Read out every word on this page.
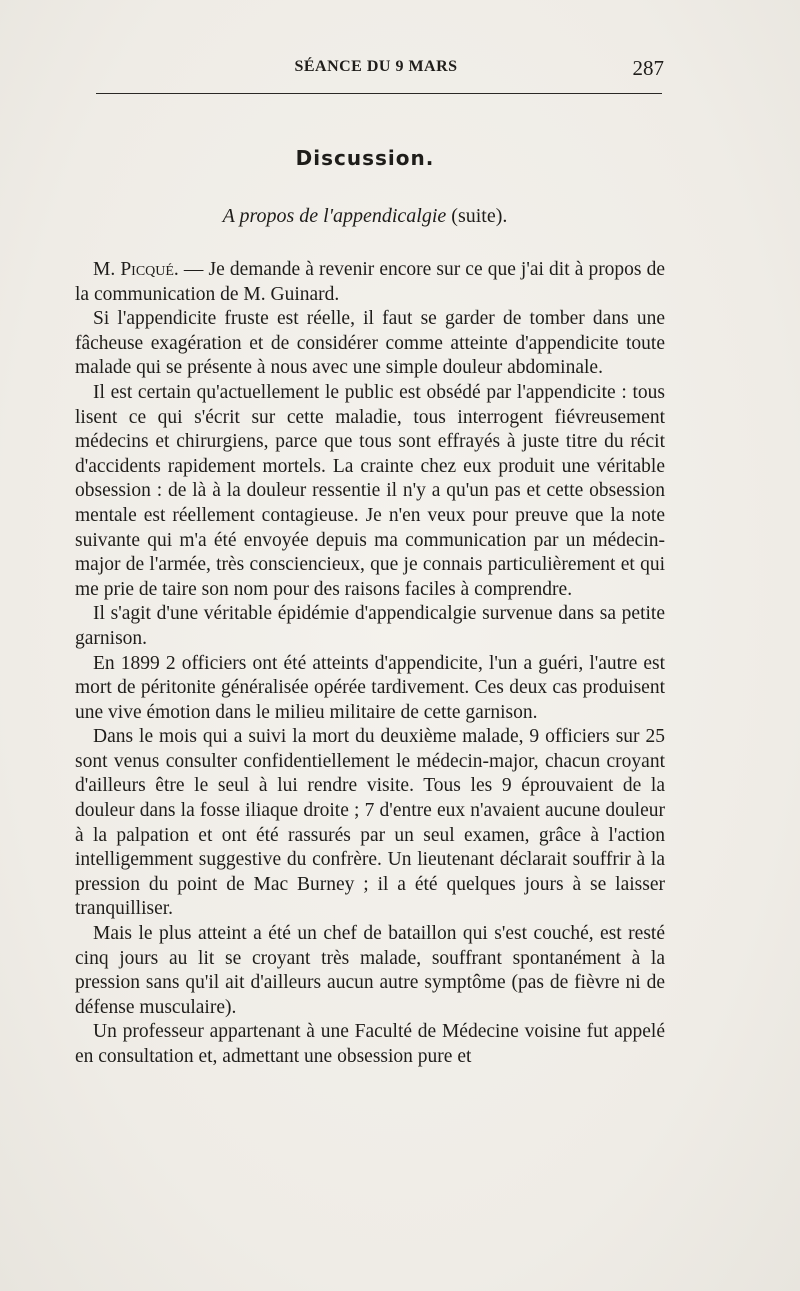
SÉANCE DU 9 MARS	287
Discussion.
A propos de l'appendicalgie (suite).

M. Picqué. — Je demande à revenir encore sur ce que j'ai dit à propos de la communication de M. Guinard.

Si l'appendicite fruste est réelle, il faut se garder de tomber dans une fâcheuse exagération et de considérer comme atteinte d'appendicite toute malade qui se présente à nous avec une simple douleur abdominale.

Il est certain qu'actuellement le public est obsédé par l'appendicite : tous lisent ce qui s'écrit sur cette maladie, tous interrogent fiévreusement médecins et chirurgiens, parce que tous sont effrayés à juste titre du récit d'accidents rapidement mortels. La crainte chez eux produit une véritable obsession : de là à la douleur ressentie il n'y a qu'un pas et cette obsession mentale est réellement contagieuse. Je n'en veux pour preuve que la note suivante qui m'a été envoyée depuis ma communication par un médecin-major de l'armée, très consciencieux, que je connais particulièrement et qui me prie de taire son nom pour des raisons faciles à comprendre.

Il s'agit d'une véritable épidémie d'appendicalgie survenue dans sa petite garnison.

En 1899 2 officiers ont été atteints d'appendicite, l'un a guéri, l'autre est mort de péritonite généralisée opérée tardivement. Ces deux cas produisent une vive émotion dans le milieu militaire de cette garnison.

Dans le mois qui a suivi la mort du deuxième malade, 9 officiers sur 25 sont venus consulter confidentiellement le médecin-major, chacun croyant d'ailleurs être le seul à lui rendre visite. Tous les 9 éprouvaient de la douleur dans la fosse iliaque droite ; 7 d'entre eux n'avaient aucune douleur à la palpation et ont été rassurés par un seul examen, grâce à l'action intelligemment suggestive du confrère. Un lieutenant déclarait souffrir à la pression du point de Mac Burney ; il a été quelques jours à se laisser tranquilliser.

Mais le plus atteint a été un chef de bataillon qui s'est couché, est resté cinq jours au lit se croyant très malade, souffrant spontanément à la pression sans qu'il ait d'ailleurs aucun autre symptôme (pas de fièvre ni de défense musculaire).

Un professeur appartenant à une Faculté de Médecine voisine fut appelé en consultation et, admettant une obsession pure et
